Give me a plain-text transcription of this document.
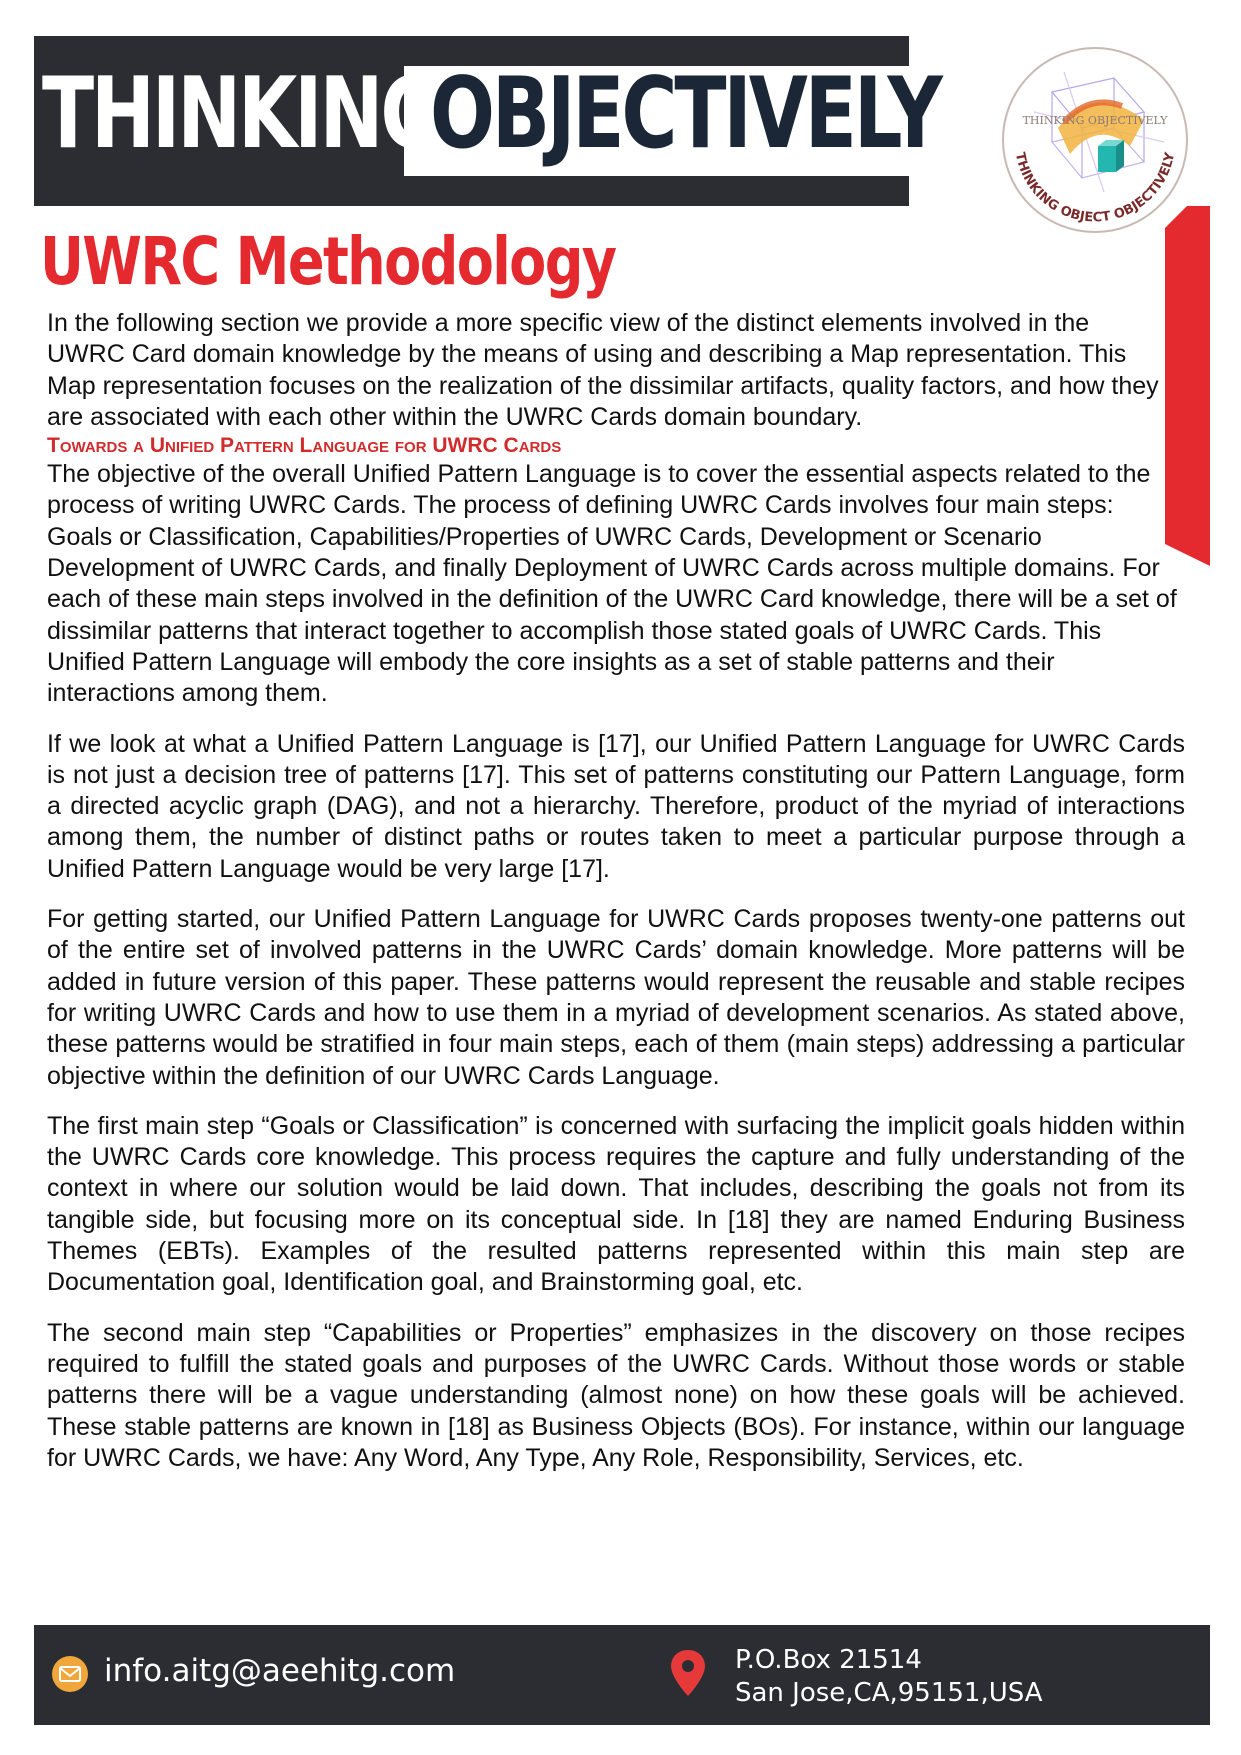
THINKING
OBJECTIVELY	THINKING OBJECTIVELY
THINKING OBJECT OBJECTIVELY
UWRC Methodology

In the following section we provide a more specific view of the distinct elements involved in the UWRC Card domain knowledge by the means of using and describing a Map representation. This Map representation focuses on the realization of the dissimilar artifacts, quality factors, and how they are associated with each other within the UWRC Cards domain boundary.

Towards a Unified Pattern Language for UWRC Cards

The objective of the overall Unified Pattern Language is to cover the essential aspects related to the process of writing UWRC Cards. The process of defining UWRC Cards involves four main steps: Goals or Classification, Capabilities/Properties of UWRC Cards, Development or Scenario Development of UWRC Cards, and finally Deployment of UWRC Cards across multiple domains. For each of these main steps involved in the definition of the UWRC Card knowledge, there will be a set of dissimilar patterns that interact together to accomplish those stated goals of UWRC Cards. This Unified Pattern Language will embody the core insights as a set of stable patterns and their interactions among them.

If we look at what a Unified Pattern Language is [17], our Unified Pattern Language for UWRC Cards is not just a decision tree of patterns [17]. This set of patterns constituting our Pattern Language, form a directed acyclic graph (DAG), and not a hierarchy. Therefore, product of the myriad of interactions among them, the number of distinct paths or routes taken to meet a particular purpose through a Unified Pattern Language would be very large [17].

For getting started, our Unified Pattern Language for UWRC Cards proposes twenty-one patterns out of the entire set of involved patterns in the UWRC Cards’ domain knowledge. More patterns will be added in future version of this paper. These patterns would represent the reusable and stable recipes for writing UWRC Cards and how to use them in a myriad of development scenarios. As stated above, these patterns would be stratified in four main steps, each of them (main steps) addressing a particular objective within the definition of our UWRC Cards Language.

The first main step “Goals or Classification” is concerned with surfacing the implicit goals hidden within the UWRC Cards core knowledge. This process requires the capture and fully understanding of the context in where our solution would be laid down. That includes, describing the goals not from its tangible side, but focusing more on its conceptual side. In [18] they are named Enduring Business Themes (EBTs). Examples of the resulted patterns represented within this main step are Documentation goal, Identification goal, and Brainstorming goal, etc.

The second main step “Capabilities or Properties” emphasizes in the discovery on those recipes required to fulfill the stated goals and purposes of the UWRC Cards. Without those words or stable patterns there will be a vague understanding (almost none) on how these goals will be achieved. These stable patterns are known in [18] as Business Objects (BOs). For instance, within our language for UWRC Cards, we have: Any Word, Any Type, Any Role, Responsibility, Services, etc.

info.aitg@aeehitg.com	P.O.Box 21514
San Jose,CA,95151,USA
